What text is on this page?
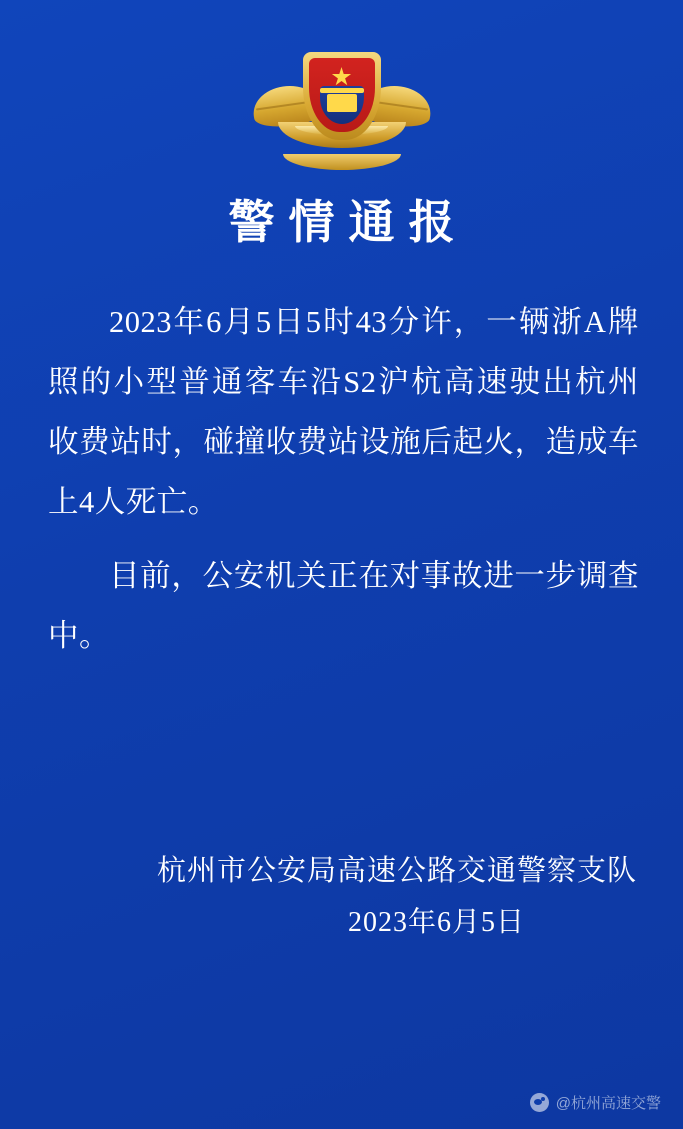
警情通报

2023年6月5日5时43分许，一辆浙A牌照的小型普通客车沿S2沪杭高速驶出杭州收费站时，碰撞收费站设施后起火，造成车上4人死亡。

目前，公安机关正在对事故进一步调查中。

杭州市公安局高速公路交通警察支队
2023年6月5日
@杭州高速交警
